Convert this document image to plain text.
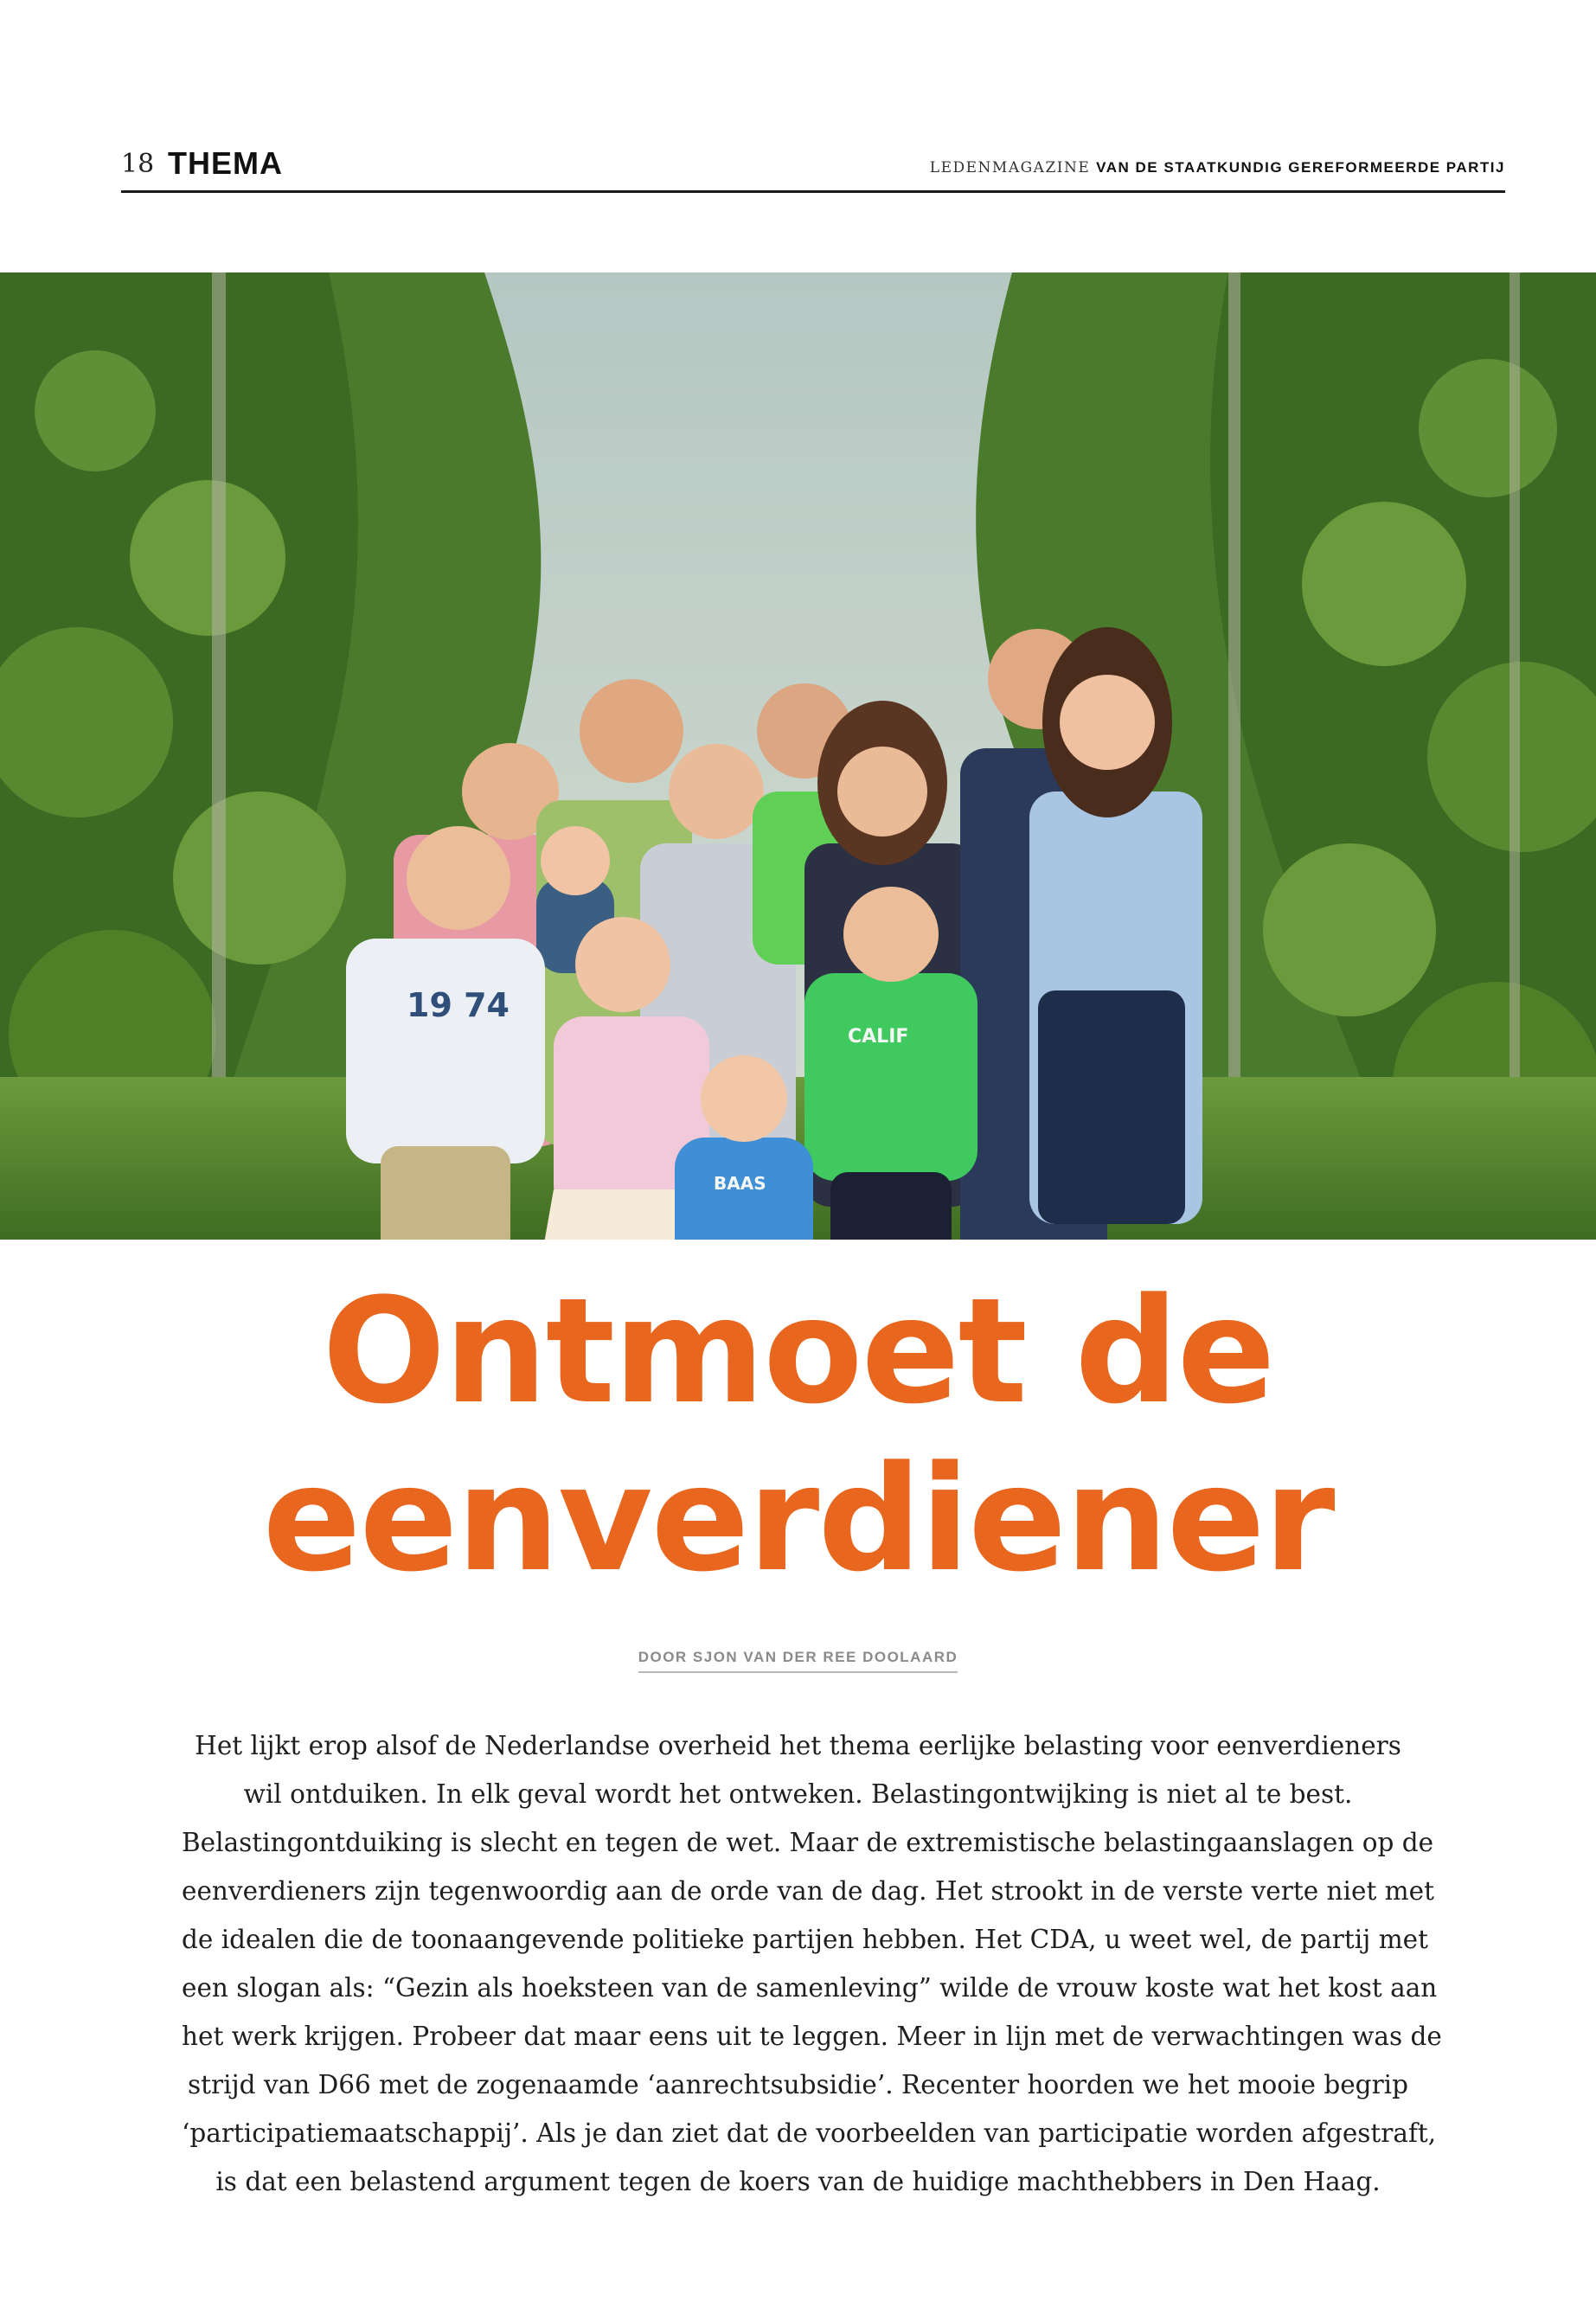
18 THEMA	LEDENMAGAZINE VAN DE STAATKUNDIG GEREFORMEERDE PARTIJ
19 74
CALIF
BAAS
Ontmoet de
eenverdiener
DOOR SJON VAN DER REE DOOLAARD
Het lijkt erop alsof de Nederlandse overheid het thema eerlijke belasting voor eenverdieners
wil ontduiken. In elk geval wordt het ontweken. Belastingontwijking is niet al te best.
Belastingontduiking is slecht en tegen de wet. Maar de extremistische belastingaanslagen op de
eenverdieners zijn tegenwoordig aan de orde van de dag. Het strookt in de verste verte niet met
de idealen die de toonaangevende politieke partijen hebben. Het CDA, u weet wel, de partij met
een slogan als: “Gezin als hoeksteen van de samenleving” wilde de vrouw koste wat het kost aan
het werk krijgen. Probeer dat maar eens uit te leggen. Meer in lijn met de verwachtingen was de
strijd van D66 met de zogenaamde ‘aanrechtsubsidie’. Recenter hoorden we het mooie begrip
‘participatiemaatschappij’. Als je dan ziet dat de voorbeelden van participatie worden afgestraft,
is dat een belastend argument tegen de koers van de huidige machthebbers in Den Haag.
